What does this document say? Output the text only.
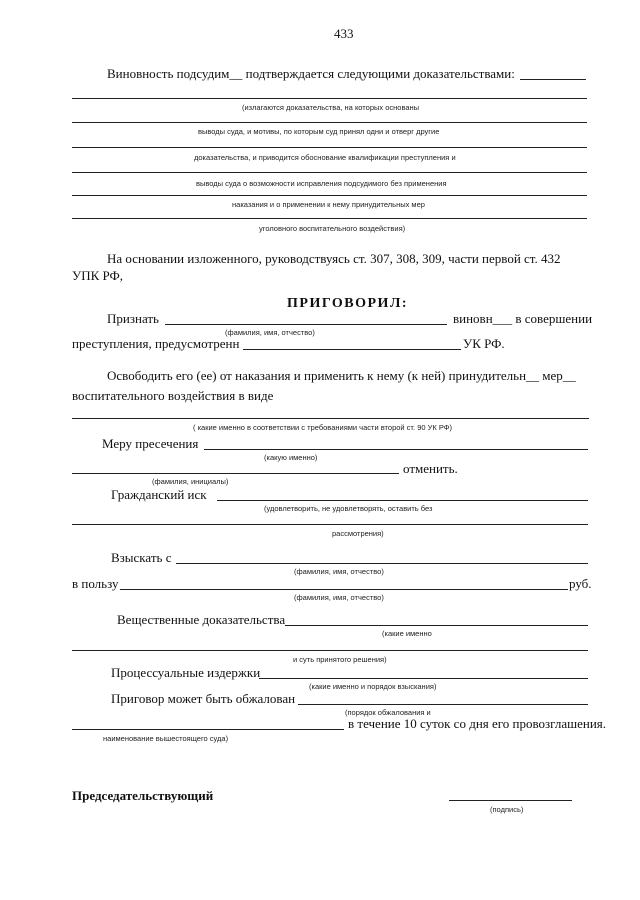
433
Виновность подсудим__ подтверждается следующими доказательствами:
(излагаются доказательства, на которых основаны
выводы суда, и мотивы, по которым суд принял одни и отверг другие
доказательства, и приводится обоснование квалификации преступления и
выводы суда о возможности исправления подсудимого без применения
наказания и о применении к нему принудительных мер
уголовного воспитательного воздействия)
На основании изложенного, руководствуясь ст. 307, 308, 309, части первой ст. 432
УПК РФ,
ПРИГОВОРИЛ:
Признать	виновн___ в совершении
(фамилия, имя, отчество)
преступления, предусмотренн	УК РФ.
Освободить его (ее) от наказания и применить к нему (к ней) принудительн__ мер__
воспитательного воздействия в виде
( какие именно в соответствии с требованиями части второй ст. 90 УК РФ)
Меру пресечения
(какую именно)
отменить.
(фамилия, инициалы)
Гражданский иск
(удовлетворить, не удовлетворять, оставить без
рассмотрения)
Взыскать с
(фамилия, имя, отчество)
в пользу	руб.
(фамилия, имя, отчество)
Вещественные доказательства
(какие именно
и суть принятого решения)
Процессуальные издержки
(какие именно и порядок взыскания)
Приговор может быть обжалован
(порядок обжалования и
в течение 10 суток со дня его провозглашения.
наименование вышестоящего суда)
Председательствующий
(подпись)
